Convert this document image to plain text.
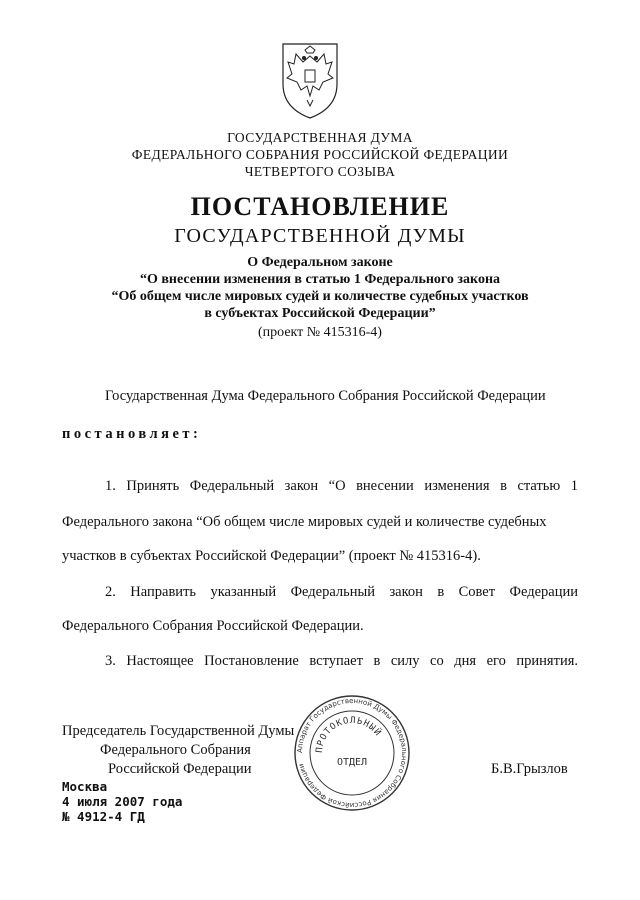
ГОСУДАРСТВЕННАЯ ДУМА
ФЕДЕРАЛЬНОГО СОБРАНИЯ РОССИЙСКОЙ ФЕДЕРАЦИИ
ЧЕТВЕРТОГО СОЗЫВА
ПОСТАНОВЛЕНИЕ
ГОСУДАРСТВЕННОЙ ДУМЫ
О Федеральном законе
“О внесении изменения в статью 1 Федерального закона
“Об общем числе мировых судей и количестве судебных участков
в субъектах Российской Федерации”
(проект № 415316-4)
Государственная Дума Федерального Собрания Российской Федерации
постановляет:
1. Принять Федеральный закон “О внесении изменения в статью 1
Федерального закона “Об общем числе мировых судей и количестве судебных
участков в субъектах Российской Федерации” (проект № 415316-4).
2. Направить указанный Федеральный закон в Совет Федерации
Федерального Собрания Российской Федерации.
3. Настоящее Постановление вступает в силу со дня его принятия.
Председатель Государственной Думы
Федерального Собрания
Российской Федерации	Б.В.Грызлов
Москва
4 июля 2007 года
№ 4912-4 ГД
Аппарат Государственной Думы Федерального Собрания Российской Федерации
ПРОТОКОЛЬНЫЙ
ОТДЕЛ
